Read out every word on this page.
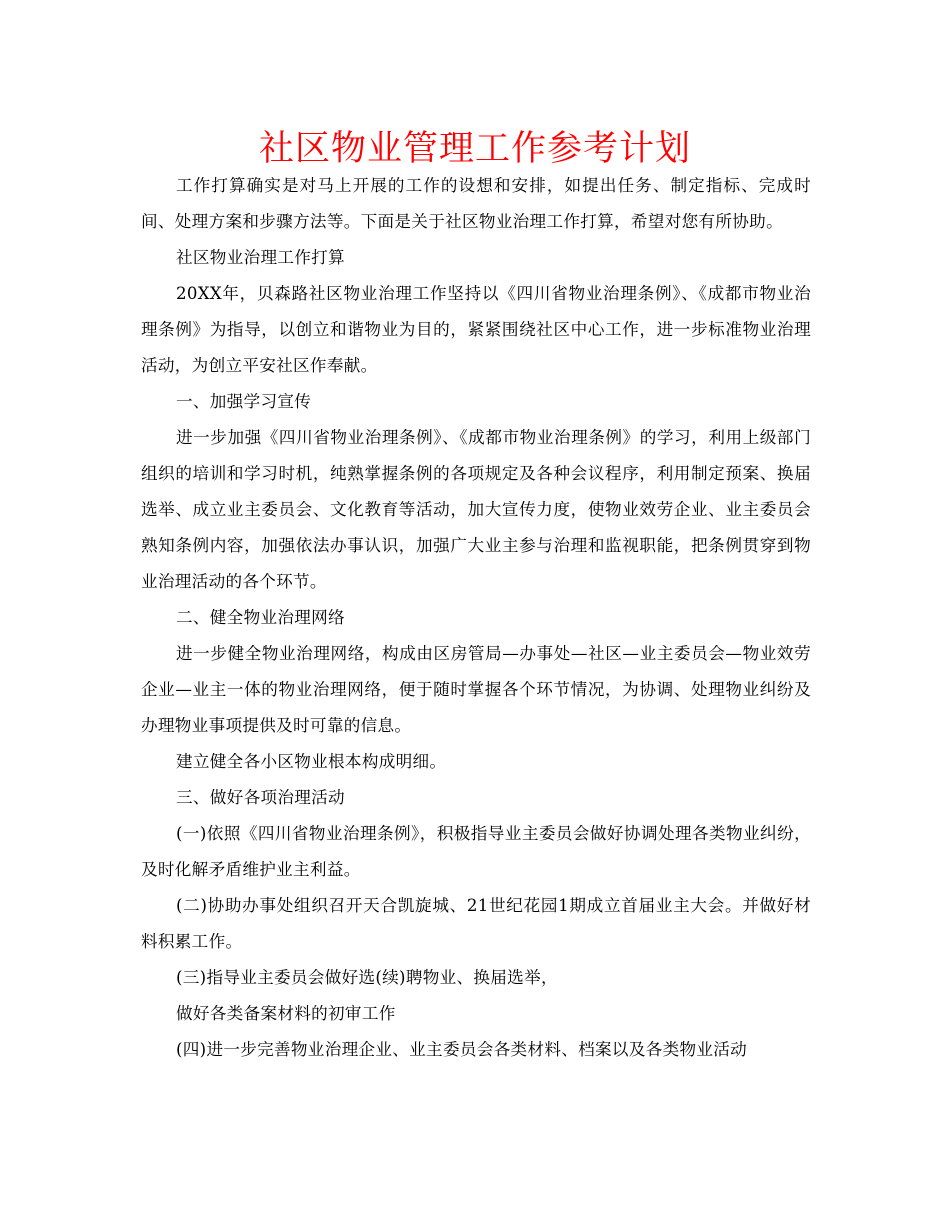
社区物业管理工作参考计划

工作打算确实是对马上开展的工作的设想和安排，如提出任务、制定指标、完成时间、处理方案和步骤方法等。下面是关于社区物业治理工作打算，希望对您有所协助。

社区物业治理工作打算

20XX年，贝森路社区物业治理工作坚持以《四川省物业治理条例》、《成都市物业治理条例》为指导，以创立和谐物业为目的，紧紧围绕社区中心工作，进一步标准物业治理活动，为创立平安社区作奉献。

一、加强学习宣传

进一步加强《四川省物业治理条例》、《成都市物业治理条例》的学习，利用上级部门组织的培训和学习时机，纯熟掌握条例的各项规定及各种会议程序，利用制定预案、换届选举、成立业主委员会、文化教育等活动，加大宣传力度，使物业效劳企业、业主委员会熟知条例内容，加强依法办事认识，加强广大业主参与治理和监视职能，把条例贯穿到物业治理活动的各个环节。

二、健全物业治理网络

进一步健全物业治理网络，构成由区房管局—办事处—社区—业主委员会—物业效劳企业—业主一体的物业治理网络，便于随时掌握各个环节情况，为协调、处理物业纠纷及办理物业事项提供及时可靠的信息。

建立健全各小区物业根本构成明细。

三、做好各项治理活动

(一)依照《四川省物业治理条例》，积极指导业主委员会做好协调处理各类物业纠纷，及时化解矛盾维护业主利益。

(二)协助办事处组织召开天合凯旋城、21世纪花园1期成立首届业主大会。并做好材料积累工作。

(三)指导业主委员会做好选(续)聘物业、换届选举，

做好各类备案材料的初审工作

(四)进一步完善物业治理企业、业主委员会各类材料、档案以及各类物业活动
